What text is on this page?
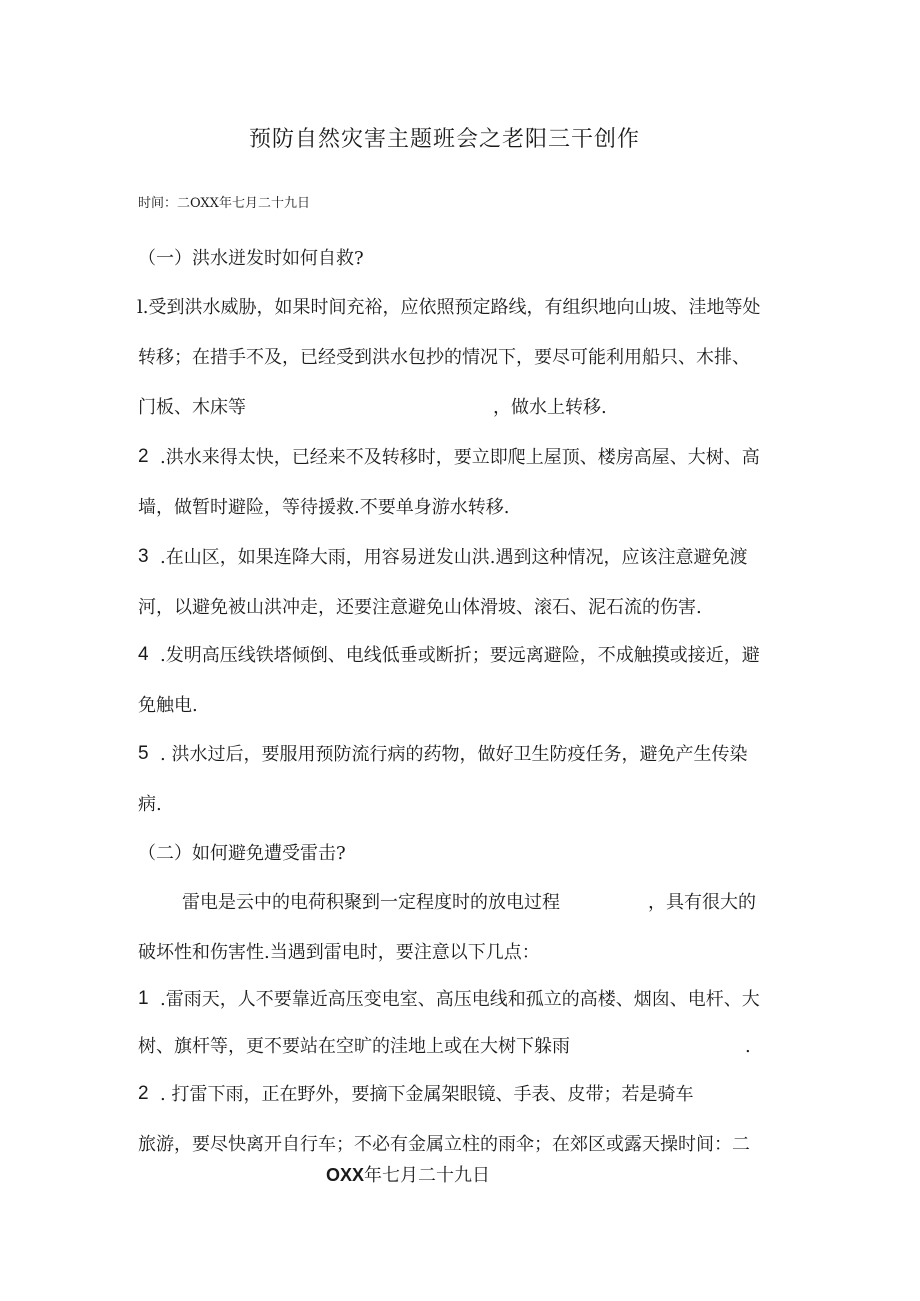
预防自然灾害主题班会之老阳三干创作
时间：二OXX年七月二十九日
（一）洪水迸发时如何自救?
l.受到洪水威胁，如果时间充裕，应依照预定路线，有组织地向山坡、洼地等处
转移；在措手不及，已经受到洪水包抄的情况下，要尽可能利用船只、木排、
门板、木床等	，做水上转移.
2 .洪水来得太快，已经来不及转移时，要立即爬上屋顶、楼房高屋、大树、高
墙，做暂时避险，等待援救.不要单身游水转移.
3 .在山区，如果连降大雨，用容易迸发山洪.遇到这种情况，应该注意避免渡
河，以避免被山洪冲走，还要注意避免山体滑坡、滚石、泥石流的伤害.
4 .发明高压线铁塔倾倒、电线低垂或断折；要远离避险，不成触摸或接近，避
免触电.
5 . 洪水过后，要服用预防流行病的药物，做好卫生防疫任务，避免产生传染
病.
（二）如何避免遭受雷击?
雷电是云中的电荷积聚到一定程度时的放电过程	，具有很大的
破坏性和伤害性.当遇到雷电时，要注意以下几点：
1 .雷雨天，人不要靠近高压变电室、高压电线和孤立的高楼、烟囱、电杆、大
树、旗杆等，更不要站在空旷的洼地上或在大树下躲雨	.
2 . 打雷下雨，正在野外，要摘下金属架眼镜、手表、皮带；若是骑车
旅游，要尽快离开自行车；不必有金属立柱的雨伞；在郊区或露天操时间：二
OXX年七月二十九日
